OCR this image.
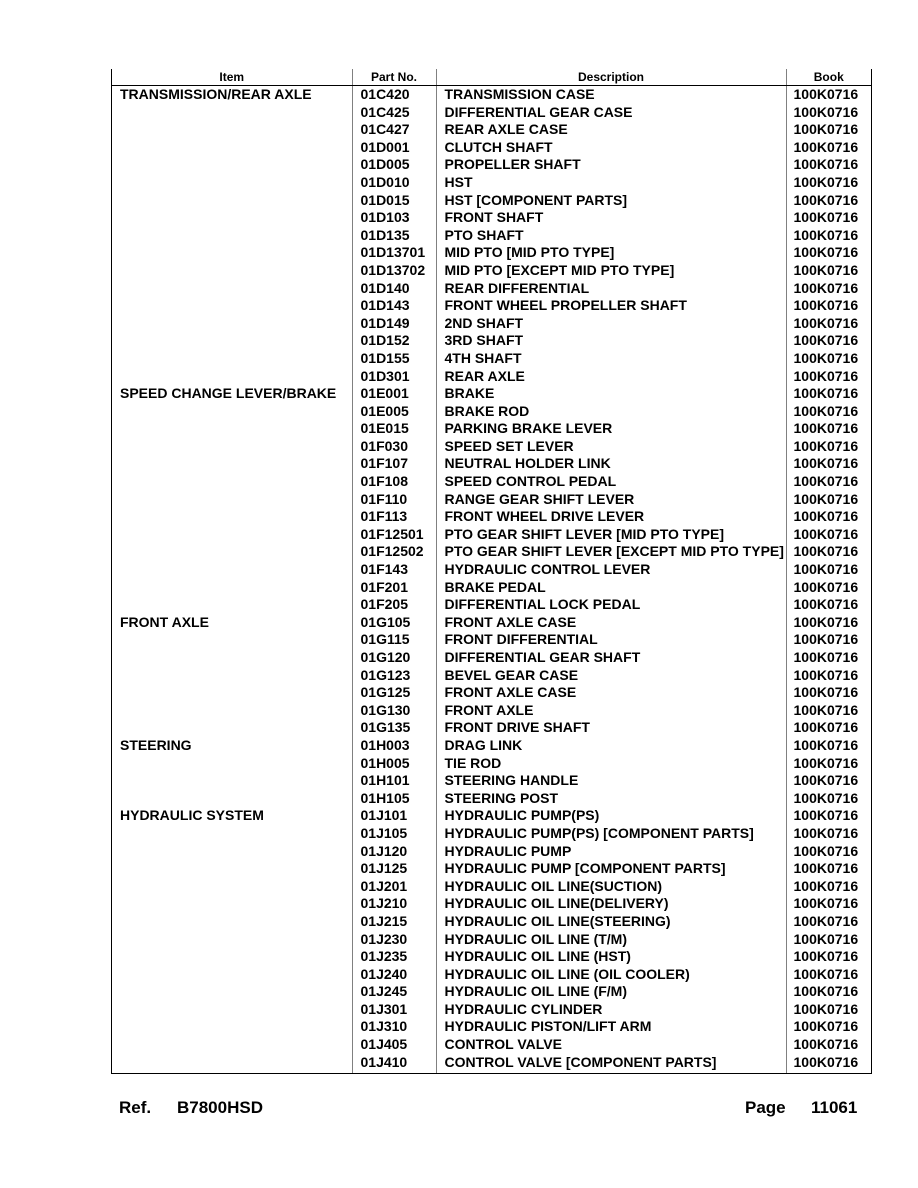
Item	Part No.	Description	Book
TRANSMISSION/REAR AXLE	01C420	TRANSMISSION CASE	100K0716
	01C425	DIFFERENTIAL GEAR CASE	100K0716
	01C427	REAR AXLE CASE	100K0716
	01D001	CLUTCH SHAFT	100K0716
	01D005	PROPELLER SHAFT	100K0716
	01D010	HST	100K0716
	01D015	HST [COMPONENT PARTS]	100K0716
	01D103	FRONT SHAFT	100K0716
	01D135	PTO SHAFT	100K0716
	01D13701	MID PTO [MID PTO TYPE]	100K0716
	01D13702	MID PTO [EXCEPT MID PTO TYPE]	100K0716
	01D140	REAR DIFFERENTIAL	100K0716
	01D143	FRONT WHEEL PROPELLER SHAFT	100K0716
	01D149	2ND SHAFT	100K0716
	01D152	3RD SHAFT	100K0716
	01D155	4TH SHAFT	100K0716
	01D301	REAR AXLE	100K0716
SPEED CHANGE LEVER/BRAKE	01E001	BRAKE	100K0716
	01E005	BRAKE ROD	100K0716
	01E015	PARKING BRAKE LEVER	100K0716
	01F030	SPEED SET LEVER	100K0716
	01F107	NEUTRAL HOLDER LINK	100K0716
	01F108	SPEED CONTROL PEDAL	100K0716
	01F110	RANGE GEAR SHIFT LEVER	100K0716
	01F113	FRONT WHEEL DRIVE LEVER	100K0716
	01F12501	PTO GEAR SHIFT LEVER [MID PTO TYPE]	100K0716
	01F12502	PTO GEAR SHIFT LEVER [EXCEPT MID PTO TYPE]	100K0716
	01F143	HYDRAULIC CONTROL LEVER	100K0716
	01F201	BRAKE PEDAL	100K0716
	01F205	DIFFERENTIAL LOCK PEDAL	100K0716
FRONT AXLE	01G105	FRONT AXLE CASE	100K0716
	01G115	FRONT DIFFERENTIAL	100K0716
	01G120	DIFFERENTIAL GEAR SHAFT	100K0716
	01G123	BEVEL GEAR CASE	100K0716
	01G125	FRONT AXLE CASE	100K0716
	01G130	FRONT AXLE	100K0716
	01G135	FRONT DRIVE SHAFT	100K0716
STEERING	01H003	DRAG LINK	100K0716
	01H005	TIE ROD	100K0716
	01H101	STEERING HANDLE	100K0716
	01H105	STEERING POST	100K0716
HYDRAULIC SYSTEM	01J101	HYDRAULIC PUMP(PS)	100K0716
	01J105	HYDRAULIC PUMP(PS) [COMPONENT PARTS]	100K0716
	01J120	HYDRAULIC PUMP	100K0716
	01J125	HYDRAULIC PUMP [COMPONENT PARTS]	100K0716
	01J201	HYDRAULIC OIL LINE(SUCTION)	100K0716
	01J210	HYDRAULIC OIL LINE(DELIVERY)	100K0716
	01J215	HYDRAULIC OIL LINE(STEERING)	100K0716
	01J230	HYDRAULIC OIL LINE (T/M)	100K0716
	01J235	HYDRAULIC OIL LINE (HST)	100K0716
	01J240	HYDRAULIC OIL LINE (OIL COOLER)	100K0716
	01J245	HYDRAULIC OIL LINE (F/M)	100K0716
	01J301	HYDRAULIC CYLINDER	100K0716
	01J310	HYDRAULIC PISTON/LIFT ARM	100K0716
	01J405	CONTROL VALVE	100K0716
	01J410	CONTROL VALVE [COMPONENT PARTS]	100K0716
Ref. B7800HSD	Page 11061
